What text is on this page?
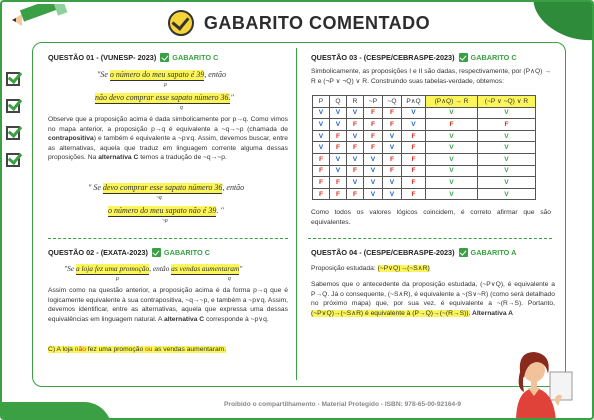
GABARITO COMENTADO
QUESTÃO 01 - (VUNESP- 2023) GABARITO C
"Se o número do meu sapato é 39, então
p
não devo comprar esse sapato número 36."
q
Observe que a proposição acima é dada simbolicamente por p→q. Como vimos no mapa anterior, a proposição p→q é equivalente a ~q→~p (chamada de contrapositiva) e também é equivalente a ~p∨q. Assim, devemos buscar, entre as alternativas, aquela que traduz em linguagem corrente alguma dessas proposições. Na alternativa C temos a tradução de ~q→~p.
" Se devo comprar esse sapato número 36, então
~q
o número do meu sapato não é 39. "
~p
QUESTÃO 02 - (EXATA-2023) GABARITO C
"Se a loja fez uma promoção, então as vendas aumentaram"
p	q
Assim como na questão anterior, a proposição acima é da forma p→q que é logicamente equivalente à sua contrapositiva, ~q→~p, e também a ~p∨q. Assim, devemos identificar, entre as alternativas, aquela que expressa uma dessas equivalências em linguagem natural. A alternativa C corresponde à ~p∨q.
C) A loja não fez uma promoção ou as vendas aumentaram.
QUESTÃO 03 - (CESPE/CEBRASPE-2023) GABARITO C
Simbolicamente, as proposições I e II são dadas, respectivamente, por (P∧Q) → R e (¬P ∨ ¬Q) ∨ R. Construindo suas tabelas-verdade, obtemos:
P	Q	R	~P	~Q	P∧Q	(P∧Q) → R	(~P ∨ ~Q) ∨ R
V	V	V	F	F	V	V	V
V	V	F	F	F	V	F	F
V	F	V	F	V	F	V	V
V	F	F	F	V	F	V	V
F	V	V	V	F	F	V	V
F	V	F	V	F	F	V	V
F	F	V	V	V	F	V	V
F	F	F	V	V	F	V	V
Como todos os valores lógicos coincidem, é correto afirmar que são equivalentes.
QUESTÃO 04 - (CESPE/CEBRASPE-2023) GABARITO A
Proposição estudada: (~P∨Q)→(~S∧R)
Sabemos que o antecedente da proposição estudada, (~P∨Q), é equivalente a P→Q. Já o consequente, (~S∧R), é equivalente a ~(S∨~R) (como será detalhado no próximo mapa) que, por sua vez, é equivalente a ~(R→S). Portanto, (~P∨Q)→(~S∧R) é equivalente à (P→Q)→(~(R→S)). Alternativa A
Proibido o compartilhamento - Material Protegido - ISBN: 978-65-00-92164-9
